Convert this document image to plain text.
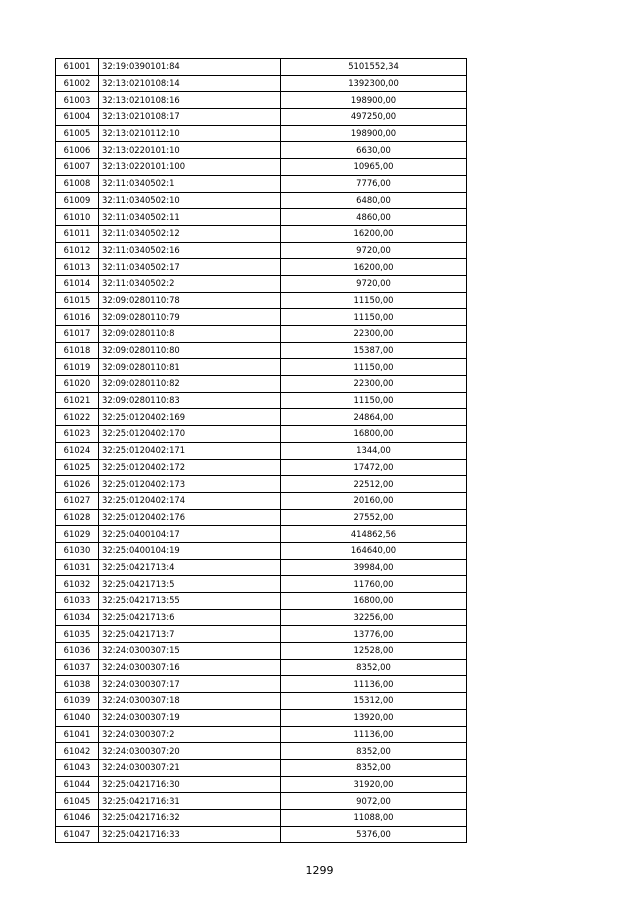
61001	32:19:0390101:84	5101552,34
61002	32:13:0210108:14	1392300,00
61003	32:13:0210108:16	198900,00
61004	32:13:0210108:17	497250,00
61005	32:13:0210112:10	198900,00
61006	32:13:0220101:10	6630,00
61007	32:13:0220101:100	10965,00
61008	32:11:0340502:1	7776,00
61009	32:11:0340502:10	6480,00
61010	32:11:0340502:11	4860,00
61011	32:11:0340502:12	16200,00
61012	32:11:0340502:16	9720,00
61013	32:11:0340502:17	16200,00
61014	32:11:0340502:2	9720,00
61015	32:09:0280110:78	11150,00
61016	32:09:0280110:79	11150,00
61017	32:09:0280110:8	22300,00
61018	32:09:0280110:80	15387,00
61019	32:09:0280110:81	11150,00
61020	32:09:0280110:82	22300,00
61021	32:09:0280110:83	11150,00
61022	32:25:0120402:169	24864,00
61023	32:25:0120402:170	16800,00
61024	32:25:0120402:171	1344,00
61025	32:25:0120402:172	17472,00
61026	32:25:0120402:173	22512,00
61027	32:25:0120402:174	20160,00
61028	32:25:0120402:176	27552,00
61029	32:25:0400104:17	414862,56
61030	32:25:0400104:19	164640,00
61031	32:25:0421713:4	39984,00
61032	32:25:0421713:5	11760,00
61033	32:25:0421713:55	16800,00
61034	32:25:0421713:6	32256,00
61035	32:25:0421713:7	13776,00
61036	32:24:0300307:15	12528,00
61037	32:24:0300307:16	8352,00
61038	32:24:0300307:17	11136,00
61039	32:24:0300307:18	15312,00
61040	32:24:0300307:19	13920,00
61041	32:24:0300307:2	11136,00
61042	32:24:0300307:20	8352,00
61043	32:24:0300307:21	8352,00
61044	32:25:0421716:30	31920,00
61045	32:25:0421716:31	9072,00
61046	32:25:0421716:32	11088,00
61047	32:25:0421716:33	5376,00
1299
